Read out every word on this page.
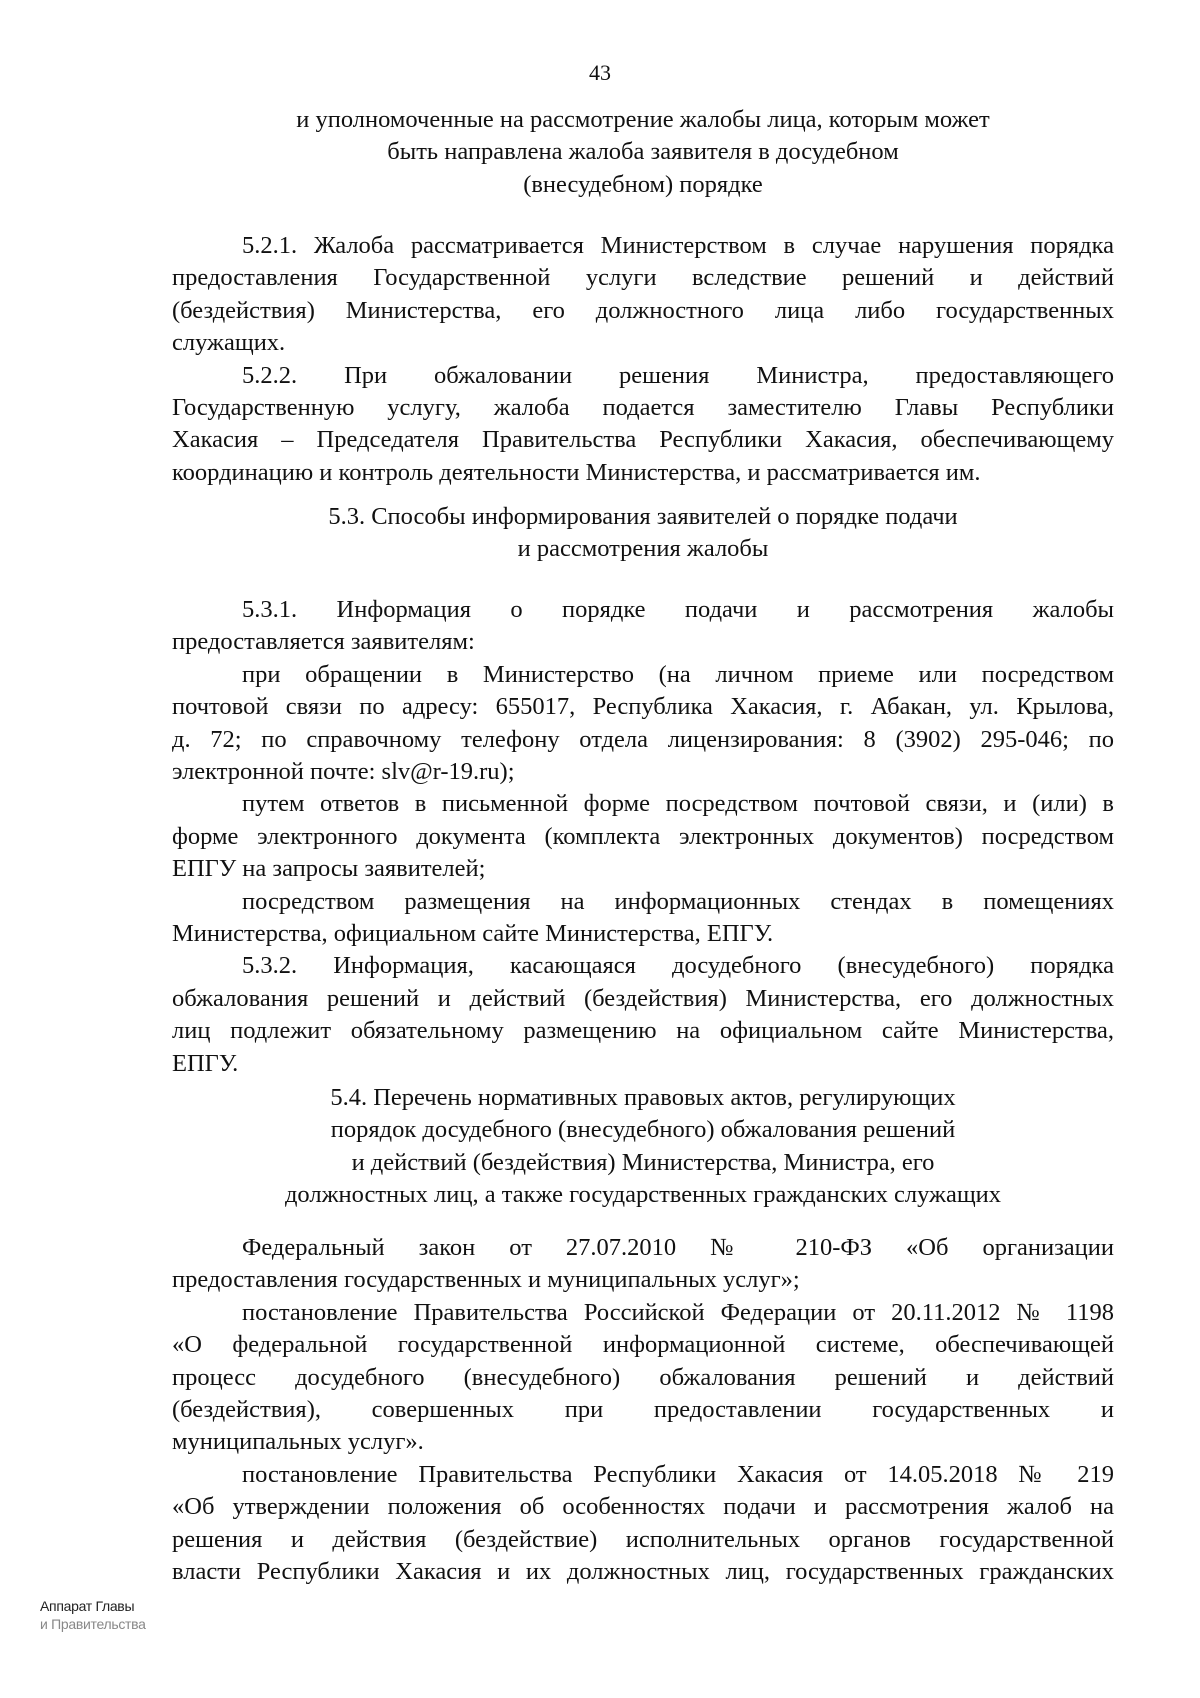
43
и уполномоченные на рассмотрение жалобы лица, которым может
быть направлена жалоба заявителя в досудебном
(внесудебном) порядке
5.2.1. Жалоба рассматривается Министерством в случае нарушения порядка
предоставления Государственной услуги вследствие решений и действий
(бездействия) Министерства, его должностного лица либо государственных
служащих.
5.2.2. При обжаловании решения Министра, предоставляющего
Государственную услугу, жалоба подается заместителю Главы Республики
Хакасия – Председателя Правительства Республики Хакасия, обеспечивающему
координацию и контроль деятельности Министерства, и рассматривается им.
5.3. Способы информирования заявителей о порядке подачи
и рассмотрения жалобы
5.3.1. Информация о порядке подачи и рассмотрения жалобы
предоставляется заявителям:
при обращении в Министерство (на личном приеме или посредством
почтовой связи по адресу: 655017, Республика Хакасия, г. Абакан, ул. Крылова,
д. 72; по справочному телефону отдела лицензирования: 8 (3902) 295-046; по
электронной почте: slv@r-19.ru);
путем ответов в письменной форме посредством почтовой связи, и (или) в
форме электронного документа (комплекта электронных документов) посредством
ЕПГУ на запросы заявителей;
посредством размещения на информационных стендах в помещениях
Министерства, официальном сайте Министерства, ЕПГУ.
5.3.2. Информация, касающаяся досудебного (внесудебного) порядка
обжалования решений и действий (бездействия) Министерства, его должностных
лиц подлежит обязательному размещению на официальном сайте Министерства,
ЕПГУ.
5.4. Перечень нормативных правовых актов, регулирующих
порядок досудебного (внесудебного) обжалования решений
и действий (бездействия) Министерства, Министра, его
должностных лиц, а также государственных гражданских служащих
Федеральный закон от 27.07.2010 № 210-ФЗ «Об организации
предоставления государственных и муниципальных услуг»;
постановление Правительства Российской Федерации от 20.11.2012 № 1198
«О федеральной государственной информационной системе, обеспечивающей
процесс досудебного (внесудебного) обжалования решений и действий
(бездействия), совершенных при предоставлении государственных и
муниципальных услуг».
постановление Правительства Республики Хакасия от 14.05.2018 № 219
«Об утверждении положения об особенностях подачи и рассмотрения жалоб на
решения и действия (бездействие) исполнительных органов государственной
власти Республики Хакасия и их должностных лиц, государственных гражданских
Аппарат Главы
и Правительства
